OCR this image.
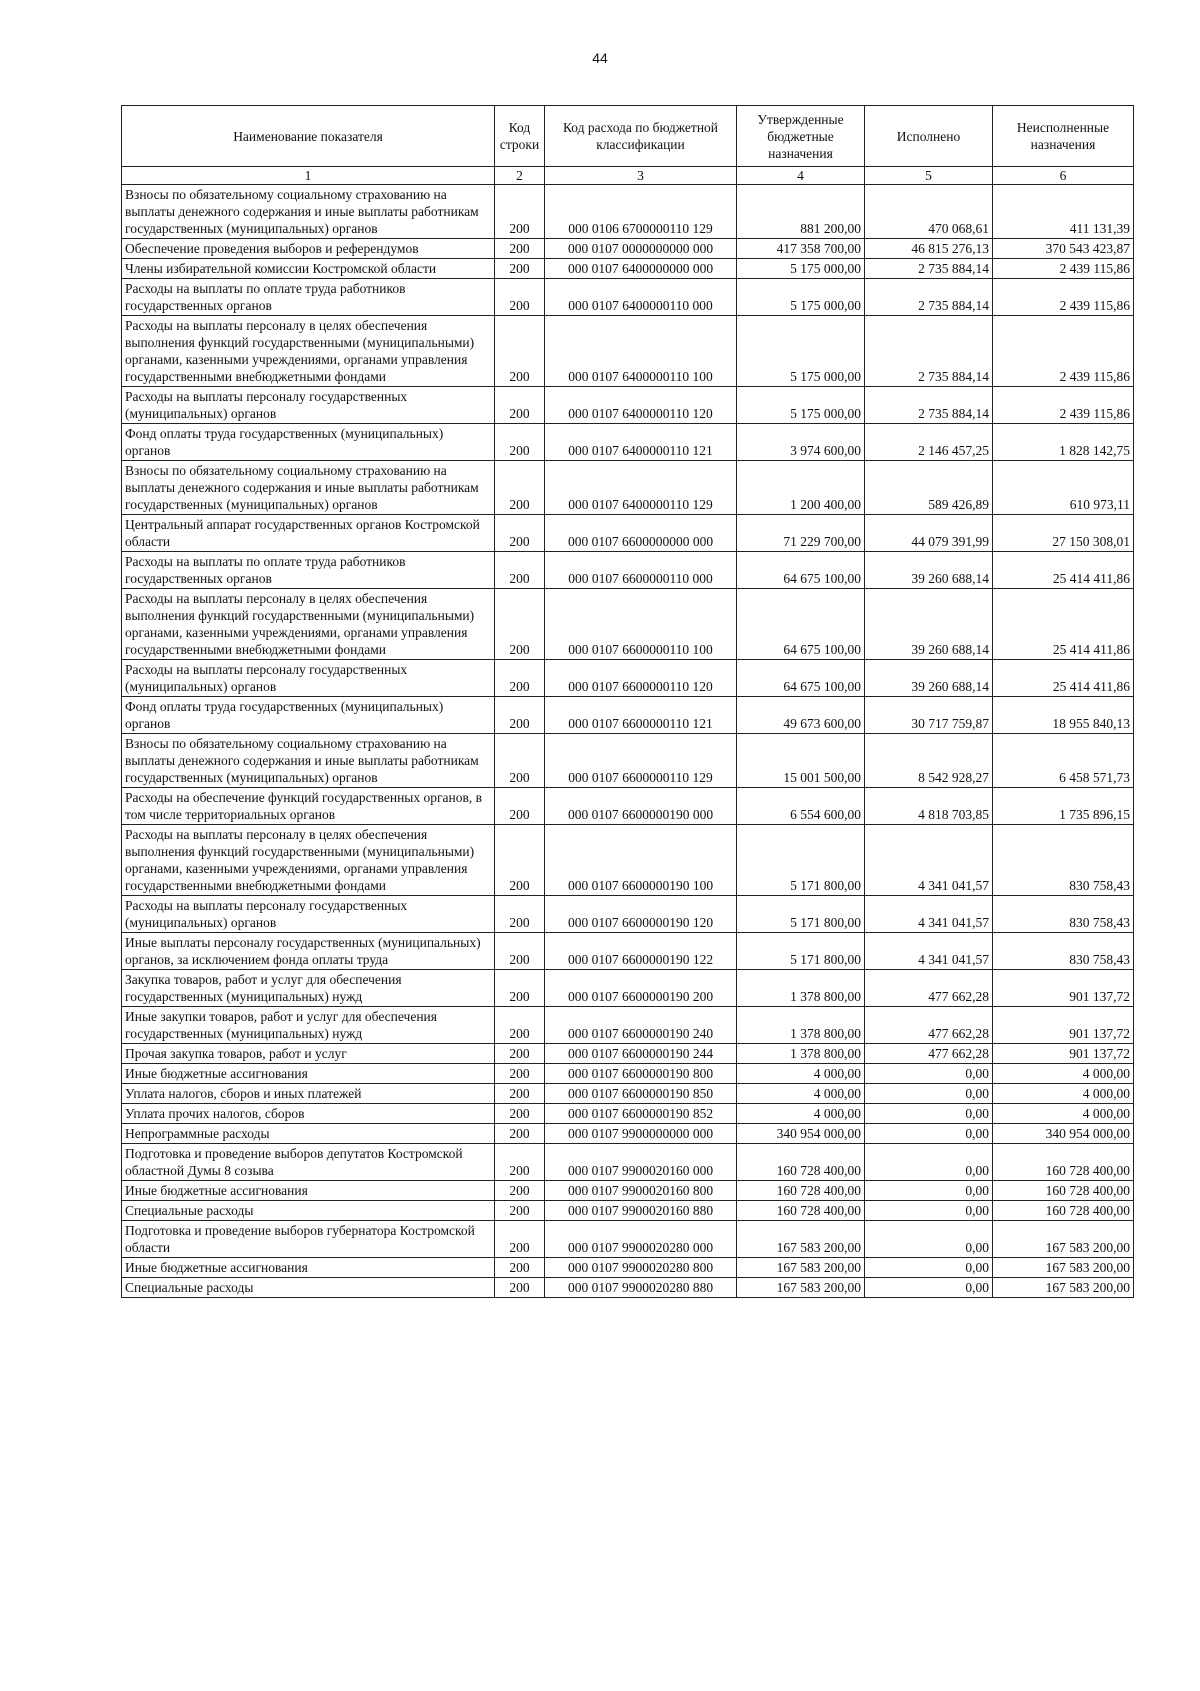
44
Наименование показателя	Код строки	Код расхода по бюджетной классификации	Утвержденные бюджетные назначения	Исполнено	Неисполненные назначения
1	2	3	4	5	6
Взносы по обязательному социальному страхованию на выплаты денежного содержания и иные выплаты работникам государственных (муниципальных) органов	200	000 0106 6700000110 129	881 200,00	470 068,61	411 131,39
Обеспечение проведения выборов и референдумов	200	000 0107 0000000000 000	417 358 700,00	46 815 276,13	370 543 423,87
Члены избирательной комиссии Костромской области	200	000 0107 6400000000 000	5 175 000,00	2 735 884,14	2 439 115,86
Расходы на выплаты по оплате труда работников государственных органов	200	000 0107 6400000110 000	5 175 000,00	2 735 884,14	2 439 115,86
Расходы на выплаты персоналу в целях обеспечения выполнения функций государственными (муниципальными) органами, казенными учреждениями, органами управления государственными внебюджетными фондами	200	000 0107 6400000110 100	5 175 000,00	2 735 884,14	2 439 115,86
Расходы на выплаты персоналу государственных (муниципальных) органов	200	000 0107 6400000110 120	5 175 000,00	2 735 884,14	2 439 115,86
Фонд оплаты труда государственных (муниципальных) органов	200	000 0107 6400000110 121	3 974 600,00	2 146 457,25	1 828 142,75
Взносы по обязательному социальному страхованию на выплаты денежного содержания и иные выплаты работникам государственных (муниципальных) органов	200	000 0107 6400000110 129	1 200 400,00	589 426,89	610 973,11
Центральный аппарат государственных органов Костромской области	200	000 0107 6600000000 000	71 229 700,00	44 079 391,99	27 150 308,01
Расходы на выплаты по оплате труда работников государственных органов	200	000 0107 6600000110 000	64 675 100,00	39 260 688,14	25 414 411,86
Расходы на выплаты персоналу в целях обеспечения выполнения функций государственными (муниципальными) органами, казенными учреждениями, органами управления государственными внебюджетными фондами	200	000 0107 6600000110 100	64 675 100,00	39 260 688,14	25 414 411,86
Расходы на выплаты персоналу государственных (муниципальных) органов	200	000 0107 6600000110 120	64 675 100,00	39 260 688,14	25 414 411,86
Фонд оплаты труда государственных (муниципальных) органов	200	000 0107 6600000110 121	49 673 600,00	30 717 759,87	18 955 840,13
Взносы по обязательному социальному страхованию на выплаты денежного содержания и иные выплаты работникам государственных (муниципальных) органов	200	000 0107 6600000110 129	15 001 500,00	8 542 928,27	6 458 571,73
Расходы на обеспечение функций государственных органов, в том числе территориальных органов	200	000 0107 6600000190 000	6 554 600,00	4 818 703,85	1 735 896,15
Расходы на выплаты персоналу в целях обеспечения выполнения функций государственными (муниципальными) органами, казенными учреждениями, органами управления государственными внебюджетными фондами	200	000 0107 6600000190 100	5 171 800,00	4 341 041,57	830 758,43
Расходы на выплаты персоналу государственных (муниципальных) органов	200	000 0107 6600000190 120	5 171 800,00	4 341 041,57	830 758,43
Иные выплаты персоналу государственных (муниципальных) органов, за исключением фонда оплаты труда	200	000 0107 6600000190 122	5 171 800,00	4 341 041,57	830 758,43
Закупка товаров, работ и услуг для обеспечения государственных (муниципальных) нужд	200	000 0107 6600000190 200	1 378 800,00	477 662,28	901 137,72
Иные закупки товаров, работ и услуг для обеспечения государственных (муниципальных) нужд	200	000 0107 6600000190 240	1 378 800,00	477 662,28	901 137,72
Прочая закупка товаров, работ и услуг	200	000 0107 6600000190 244	1 378 800,00	477 662,28	901 137,72
Иные бюджетные ассигнования	200	000 0107 6600000190 800	4 000,00	0,00	4 000,00
Уплата налогов, сборов и иных платежей	200	000 0107 6600000190 850	4 000,00	0,00	4 000,00
Уплата прочих налогов, сборов	200	000 0107 6600000190 852	4 000,00	0,00	4 000,00
Непрограммные расходы	200	000 0107 9900000000 000	340 954 000,00	0,00	340 954 000,00
Подготовка и проведение выборов депутатов Костромской областной Думы 8 созыва	200	000 0107 9900020160 000	160 728 400,00	0,00	160 728 400,00
Иные бюджетные ассигнования	200	000 0107 9900020160 800	160 728 400,00	0,00	160 728 400,00
Специальные расходы	200	000 0107 9900020160 880	160 728 400,00	0,00	160 728 400,00
Подготовка и проведение выборов губернатора Костромской области	200	000 0107 9900020280 000	167 583 200,00	0,00	167 583 200,00
Иные бюджетные ассигнования	200	000 0107 9900020280 800	167 583 200,00	0,00	167 583 200,00
Специальные расходы	200	000 0107 9900020280 880	167 583 200,00	0,00	167 583 200,00
